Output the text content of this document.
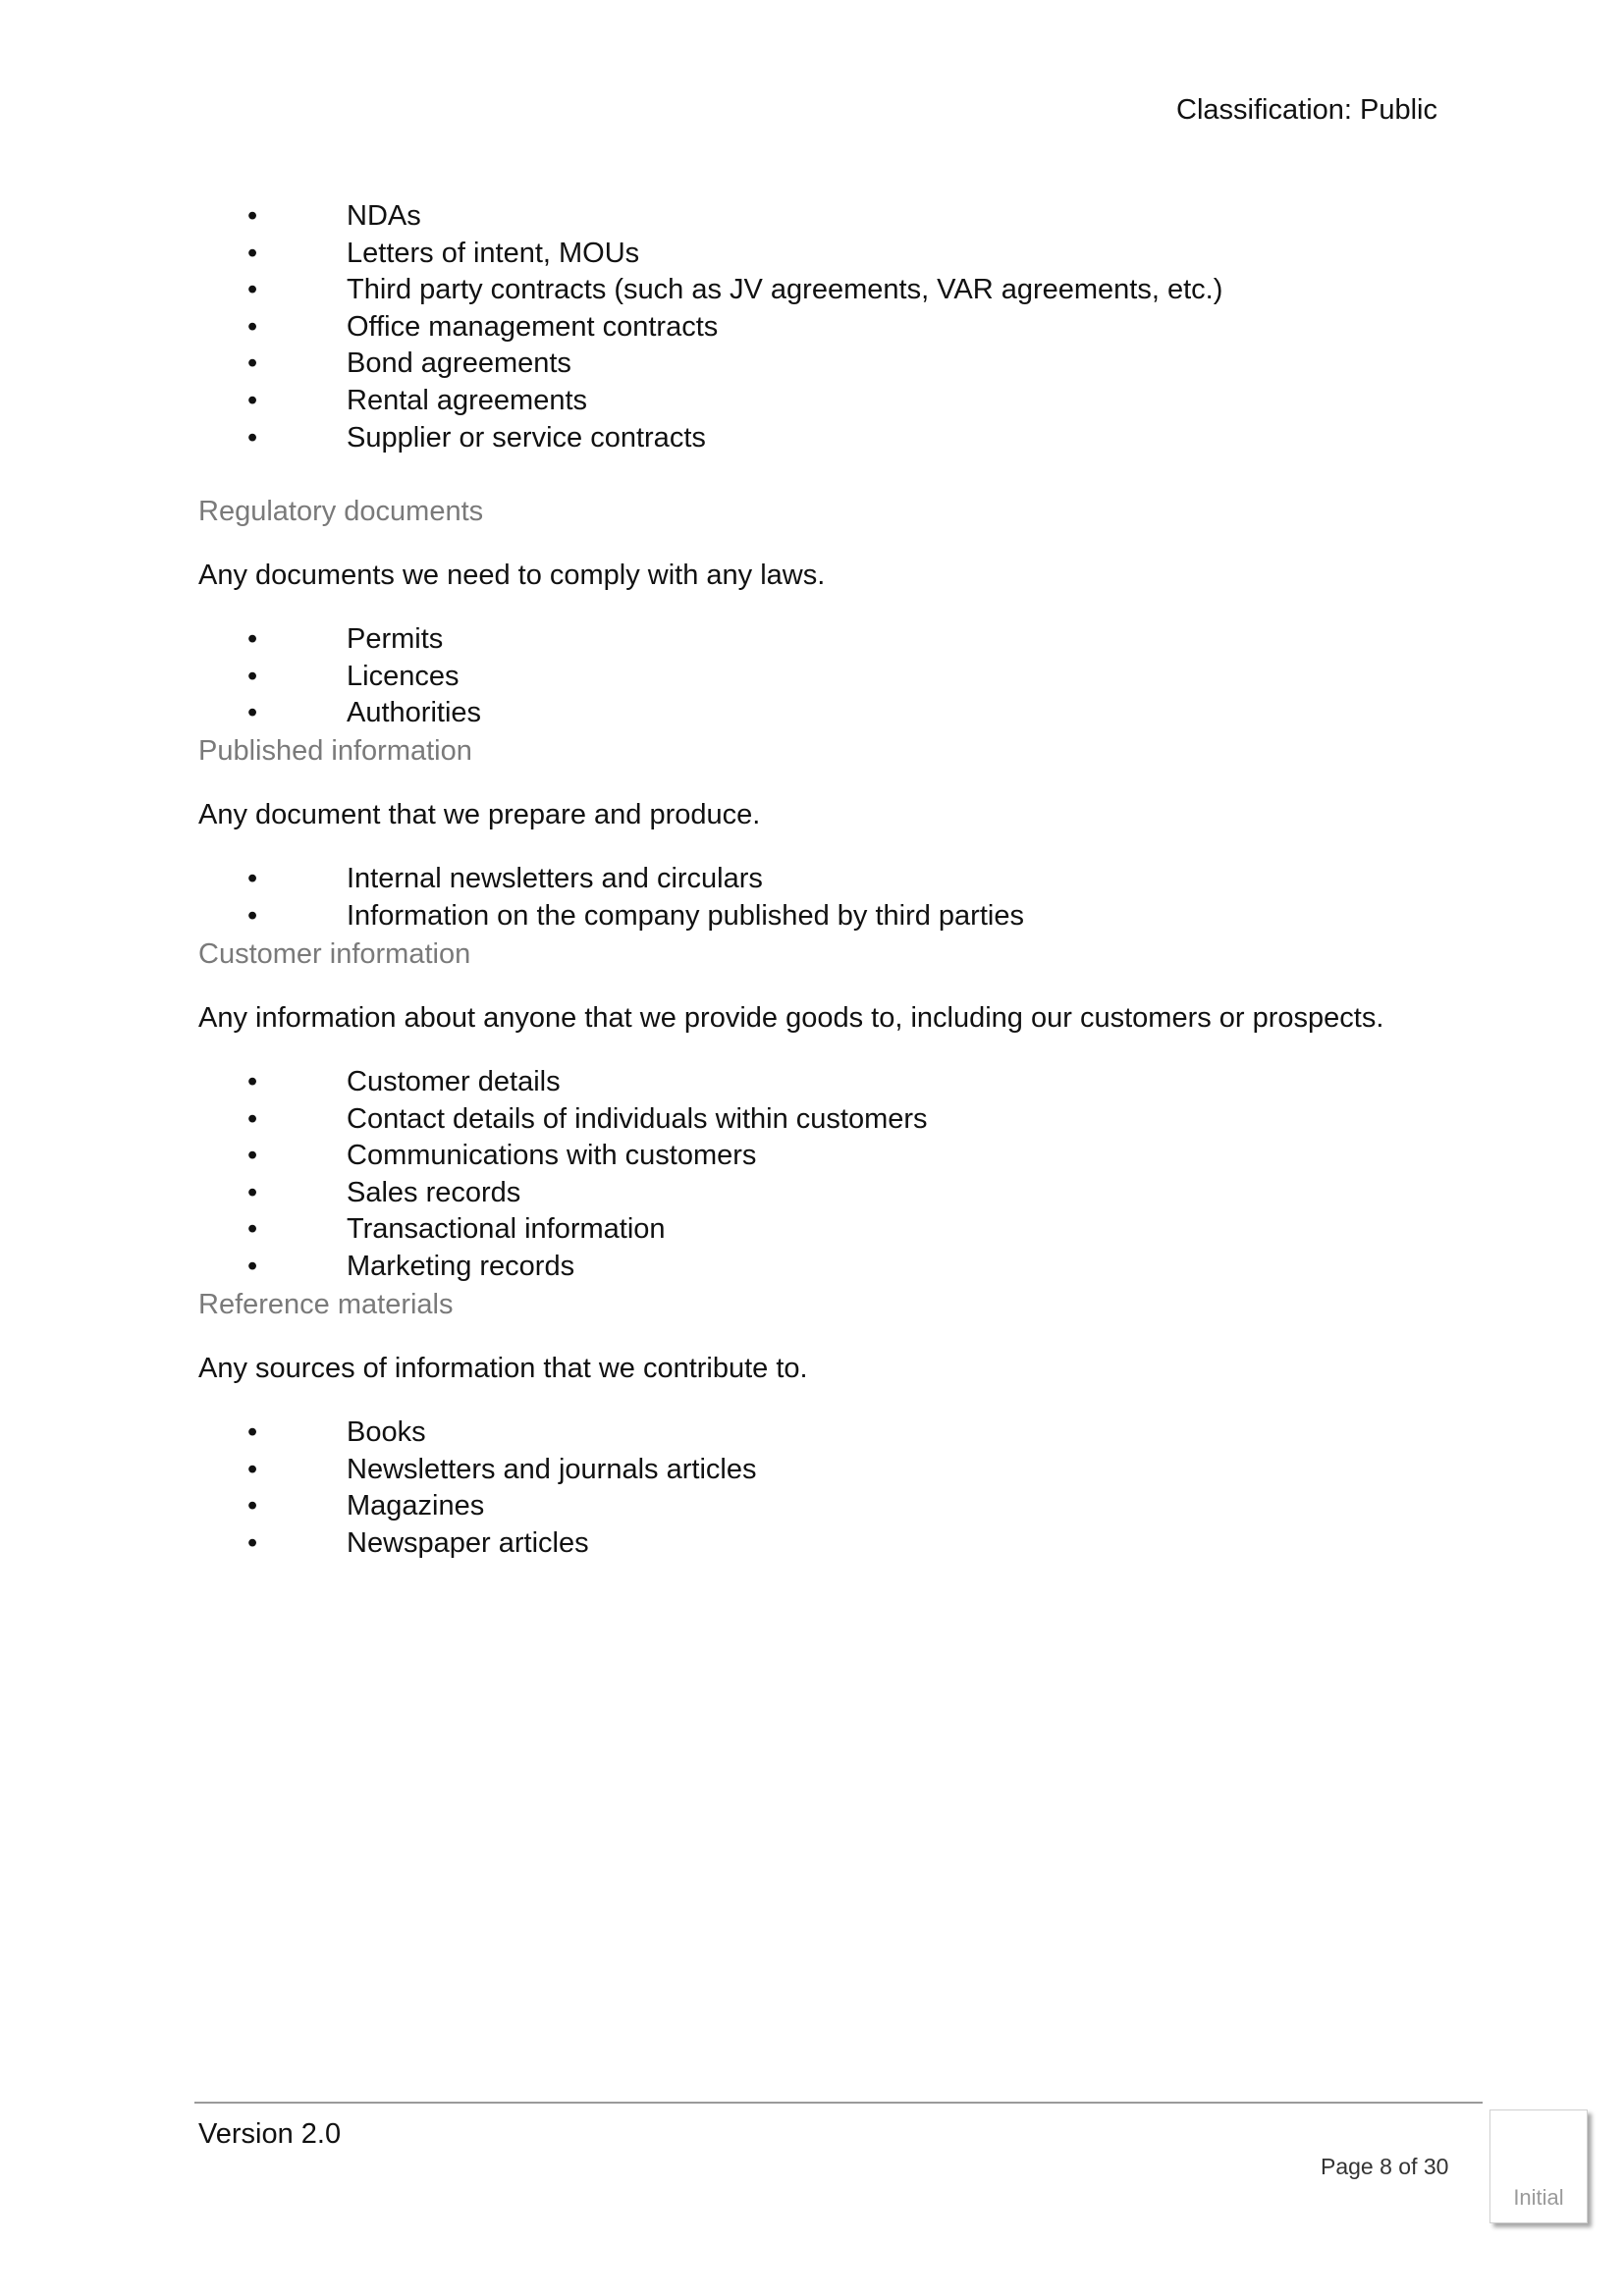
Classification: Public
•	NDAs
•	Letters of intent, MOUs
•	Third party contracts (such as JV agreements, VAR agreements, etc.)
•	Office management contracts
•	Bond agreements
•	Rental agreements
•	Supplier or service contracts
Regulatory documents
Any documents we need to comply with any laws.
•	Permits
•	Licences
•	Authorities
Published information
Any document that we prepare and produce.
•	Internal newsletters and circulars
•	Information on the company published by third parties
Customer information
Any information about anyone that we provide goods to, including our customers or prospects.
•	Customer details
•	Contact details of individuals within customers
•	Communications with customers
•	Sales records
•	Transactional information
•	Marketing records
Reference materials
Any sources of information that we contribute to.
•	Books
•	Newsletters and journals articles
•	Magazines
•	Newspaper articles
Version 2.0
Page 8 of 30
Initial
